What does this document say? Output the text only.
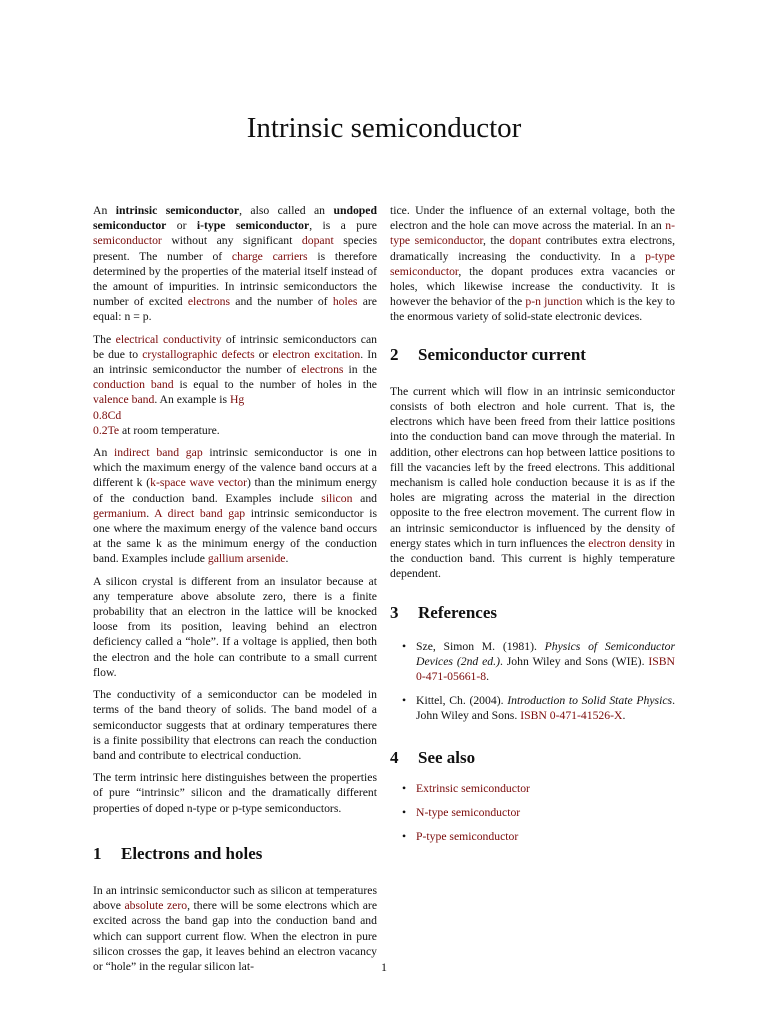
Intrinsic semiconductor

An intrinsic semiconductor, also called an undoped semiconductor or i-type semiconductor, is a pure semiconductor without any significant dopant species present. The number of charge carriers is therefore determined by the properties of the material itself instead of the amount of impurities. In intrinsic semiconductors the number of excited electrons and the number of holes are equal: n = p.

The electrical conductivity of intrinsic semiconductors can be due to crystallographic defects or electron excitation. In an intrinsic semiconductor the number of electrons in the conduction band is equal to the number of holes in the valence band. An example is Hg
0.8Cd
0.2Te at room temperature.

An indirect band gap intrinsic semiconductor is one in which the maximum energy of the valence band occurs at a different k (k-space wave vector) than the minimum energy of the conduction band. Examples include silicon and germanium. A direct band gap intrinsic semiconductor is one where the maximum energy of the valence band occurs at the same k as the minimum energy of the conduction band. Examples include gallium arsenide.

A silicon crystal is different from an insulator because at any temperature above absolute zero, there is a finite probability that an electron in the lattice will be knocked loose from its position, leaving behind an electron deficiency called a “hole”. If a voltage is applied, then both the electron and the hole can contribute to a small current flow.

The conductivity of a semiconductor can be modeled in terms of the band theory of solids. The band model of a semiconductor suggests that at ordinary temperatures there is a finite possibility that electrons can reach the conduction band and contribute to electrical conduction.

The term intrinsic here distinguishes between the properties of pure “intrinsic” silicon and the dramatically different properties of doped n-type or p-type semiconductors.

1 Electrons and holes

In an intrinsic semiconductor such as silicon at temperatures above absolute zero, there will be some electrons which are excited across the band gap into the conduction band and which can support current flow. When the electron in pure silicon crosses the gap, it leaves behind an electron vacancy or “hole” in the regular silicon lat-

tice. Under the influence of an external voltage, both the electron and the hole can move across the material. In an n-type semiconductor, the dopant contributes extra electrons, dramatically increasing the conductivity. In a p-type semiconductor, the dopant produces extra vacancies or holes, which likewise increase the conductivity. It is however the behavior of the p-n junction which is the key to the enormous variety of solid-state electronic devices.

2 Semiconductor current

The current which will flow in an intrinsic semiconductor consists of both electron and hole current. That is, the electrons which have been freed from their lattice positions into the conduction band can move through the material. In addition, other electrons can hop between lattice positions to fill the vacancies left by the freed electrons. This additional mechanism is called hole conduction because it is as if the holes are migrating across the material in the direction opposite to the free electron movement. The current flow in an intrinsic semiconductor is influenced by the density of energy states which in turn influences the electron density in the conduction band. This current is highly temperature dependent.

3 References
• Sze, Simon M. (1981). Physics of Semiconductor Devices (2nd ed.). John Wiley and Sons (WIE). ISBN 0-471-05661-8.
• Kittel, Ch. (2004). Introduction to Solid State Physics. John Wiley and Sons. ISBN 0-471-41526-X.
4 See also
• Extrinsic semiconductor
• N-type semiconductor
• P-type semiconductor
1
